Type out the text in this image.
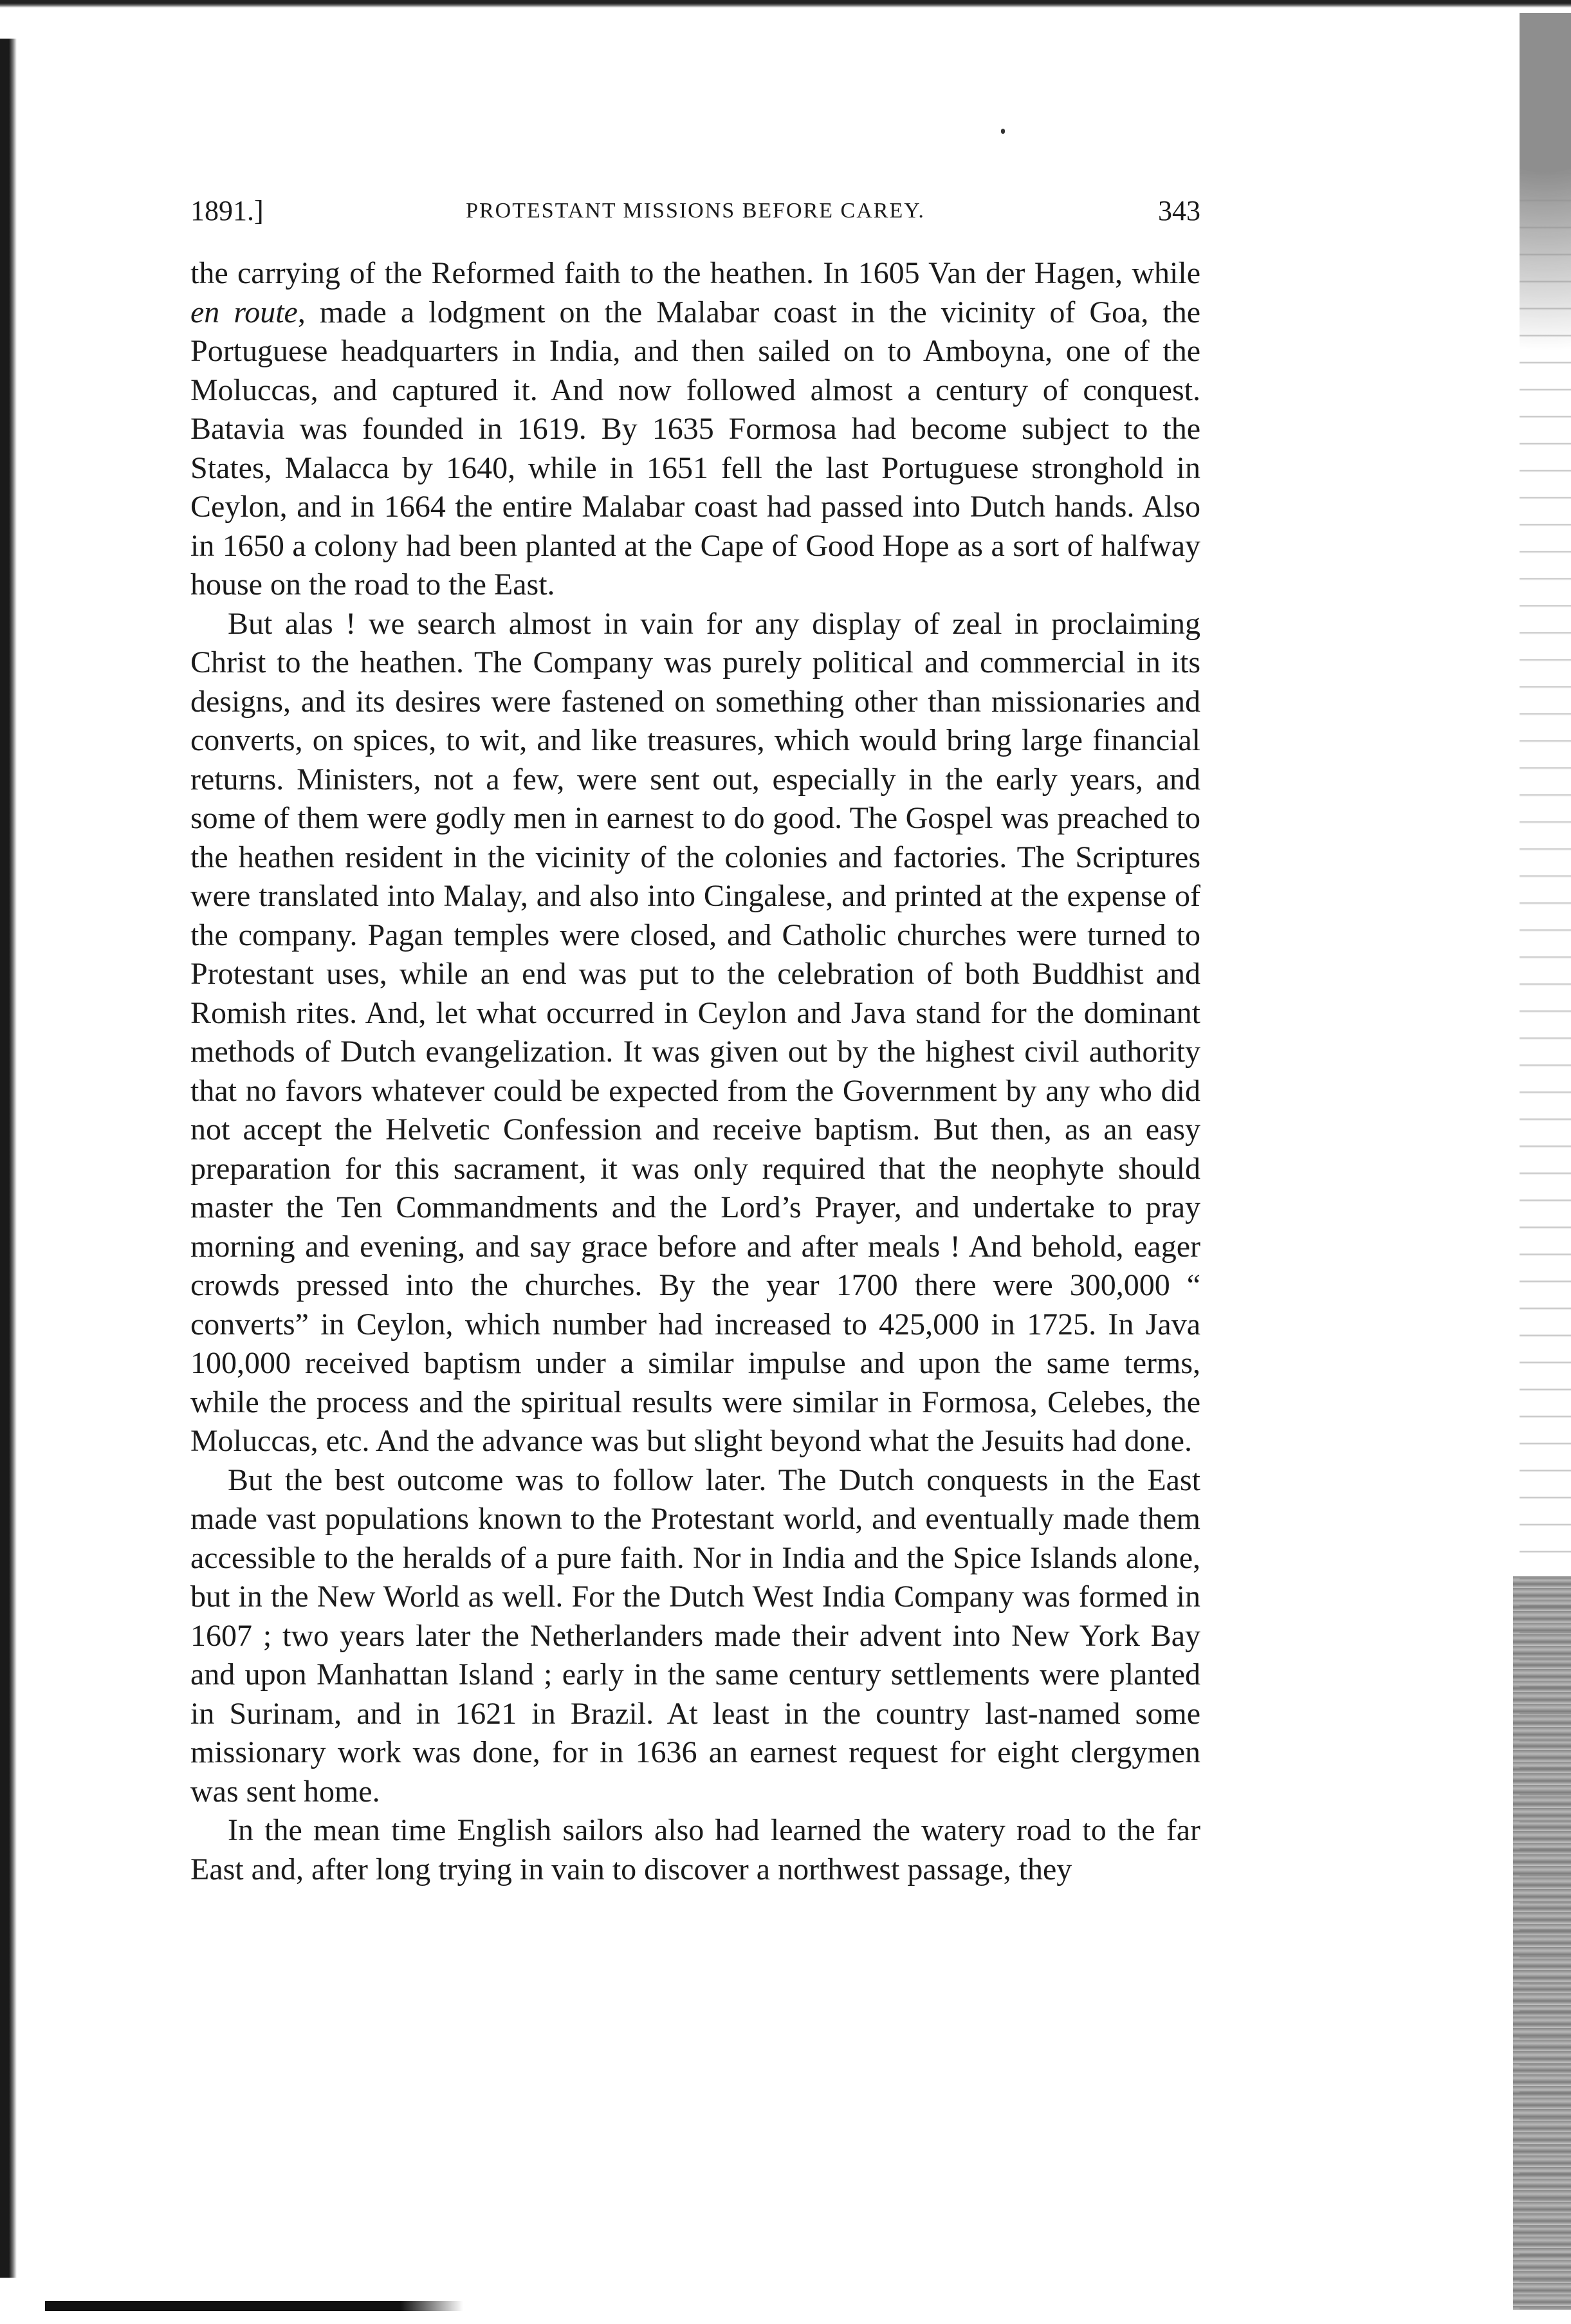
1891.]	PROTESTANT MISSIONS BEFORE CAREY.	343

the carrying of the Reformed faith to the heathen. In 1605 Van der Hagen, while en route, made a lodgment on the Malabar coast in the vicinity of Goa, the Portuguese headquarters in India, and then sailed on to Amboyna, one of the Moluccas, and captured it. And now followed almost a century of conquest. Batavia was founded in 1619. By 1635 Formosa had become subject to the States, Malacca by 1640, while in 1651 fell the last Portuguese stronghold in Ceylon, and in 1664 the entire Malabar coast had passed into Dutch hands. Also in 1650 a colony had been planted at the Cape of Good Hope as a sort of halfway house on the road to the East.

But alas ! we search almost in vain for any display of zeal in proclaiming Christ to the heathen. The Company was purely political and commercial in its designs, and its desires were fastened on something other than missionaries and converts, on spices, to wit, and like treasures, which would bring large financial returns. Ministers, not a few, were sent out, especially in the early years, and some of them were godly men in earnest to do good. The Gospel was preached to the heathen resident in the vicinity of the colonies and factories. The Scriptures were translated into Malay, and also into Cingalese, and printed at the expense of the company. Pagan temples were closed, and Catholic churches were turned to Protestant uses, while an end was put to the celebration of both Buddhist and Romish rites. And, let what occurred in Ceylon and Java stand for the dominant methods of Dutch evangelization. It was given out by the highest civil authority that no favors whatever could be expected from the Government by any who did not accept the Helvetic Confession and receive baptism. But then, as an easy preparation for this sacrament, it was only required that the neophyte should master the Ten Commandments and the Lord’s Prayer, and undertake to pray morning and evening, and say grace before and after meals ! And behold, eager crowds pressed into the churches. By the year 1700 there were 300,000 “ converts” in Ceylon, which number had increased to 425,000 in 1725. In Java 100,000 received baptism under a similar impulse and upon the same terms, while the process and the spiritual results were similar in Formosa, Celebes, the Moluccas, etc. And the advance was but slight beyond what the Jesuits had done.

But the best outcome was to follow later. The Dutch conquests in the East made vast populations known to the Protestant world, and eventually made them accessible to the heralds of a pure faith. Nor in India and the Spice Islands alone, but in the New World as well. For the Dutch West India Company was formed in 1607 ; two years later the Netherlanders made their advent into New York Bay and upon Manhattan Island ; early in the same century settlements were planted in Surinam, and in 1621 in Brazil. At least in the country last-named some missionary work was done, for in 1636 an earnest request for eight clergymen was sent home.

In the mean time English sailors also had learned the watery road to the far East and, after long trying in vain to discover a northwest passage, they
